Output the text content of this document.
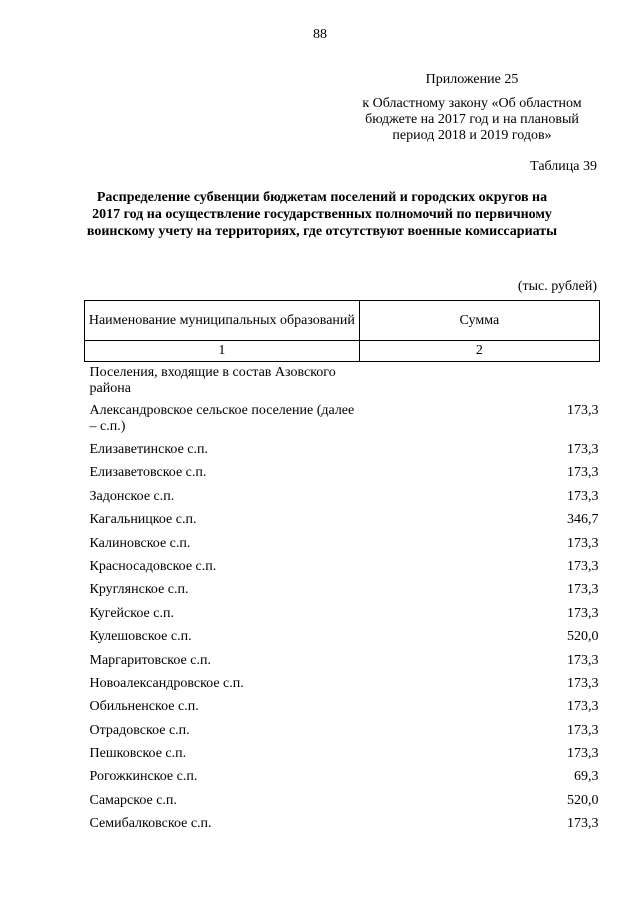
88
Приложение 25
к Областному закону «Об областном бюджете на 2017 год и на плановый период 2018 и 2019 годов»
Таблица 39
Распределение субвенции бюджетам поселений и городских округов на 2017 год на осуществление государственных полномочий по первичному воинскому учету на территориях, где отсутствуют военные комиссариаты
(тыс. рублей)
Наименование муниципальных образований	Сумма
1	2
Поселения, входящие в состав Азовского района	
Александровское сельское поселение (далее – с.п.)	173,3
Елизаветинское с.п.	173,3
Елизаветовское с.п.	173,3
Задонское с.п.	173,3
Кагальницкое с.п.	346,7
Калиновское с.п.	173,3
Красносадовское с.п.	173,3
Круглянское с.п.	173,3
Кугейское с.п.	173,3
Кулешовское с.п.	520,0
Маргаритовское с.п.	173,3
Новоалександровское с.п.	173,3
Обильненское с.п.	173,3
Отрадовское с.п.	173,3
Пешковское с.п.	173,3
Рогожкинское с.п.	69,3
Самарское с.п.	520,0
Семибалковское с.п.	173,3
